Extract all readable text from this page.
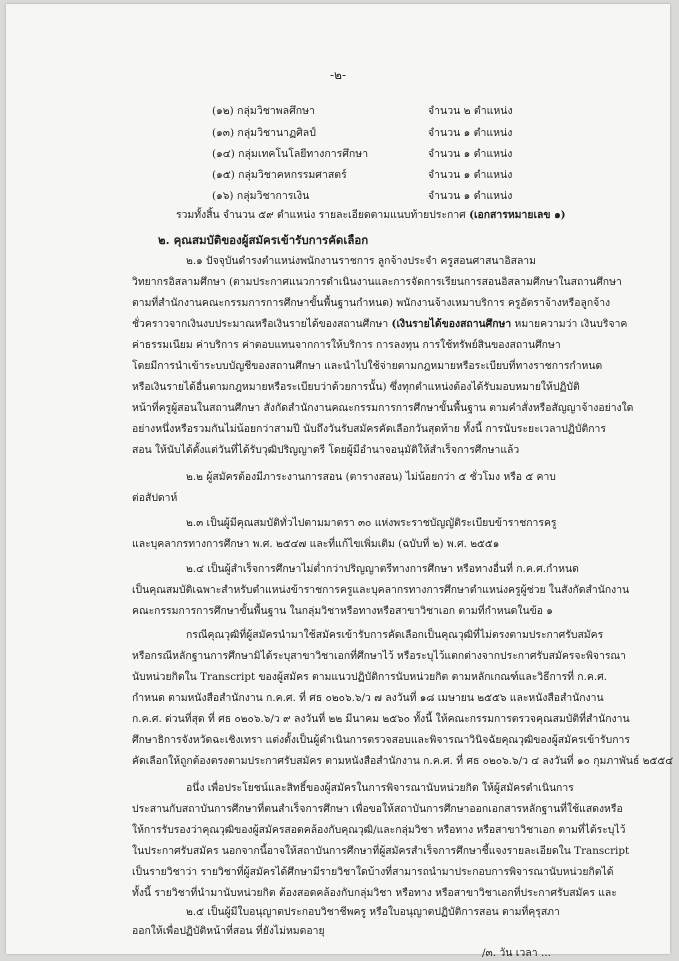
-๒-
(๑๒) กลุ่มวิชาพลศึกษา	จำนวน ๒ ตำแหน่ง
(๑๓) กลุ่มวิชานาฏศิลป์	จำนวน ๑ ตำแหน่ง
(๑๔) กลุ่มเทคโนโลยีทางการศึกษา	จำนวน ๑ ตำแหน่ง
(๑๕) กลุ่มวิชาคหกรรมศาสตร์	จำนวน ๑ ตำแหน่ง
(๑๖) กลุ่มวิชาการเงิน	จำนวน ๑ ตำแหน่ง
รวมทั้งสิ้น จำนวน ๕๙ ตำแหน่ง รายละเอียดตามแนบท้ายประกาศ (เอกสารหมายเลข ๑)
๒. คุณสมบัติของผู้สมัครเข้ารับการคัดเลือก
๒.๑ ปัจจุบันดำรงตำแหน่งพนักงานราชการ ลูกจ้างประจำ ครูสอนศาสนาอิสลาม
วิทยากรอิสลามศึกษา (ตามประกาศแนวการดำเนินงานและการจัดการเรียนการสอนอิสลามศึกษาในสถานศึกษา
ตามที่สำนักงานคณะกรรมการการศึกษาขั้นพื้นฐานกำหนด) พนักงานจ้างเหมาบริการ ครูอัตราจ้างหรือลูกจ้าง
ชั่วคราวจากเงินงบประมาณหรือเงินรายได้ของสถานศึกษา (เงินรายได้ของสถานศึกษา หมายความว่า เงินบริจาค
ค่าธรรมเนียม ค่าบริการ ค่าตอบแทนจากการให้บริการ การลงทุน การใช้ทรัพย์สินของสถานศึกษา
โดยมีการนำเข้าระบบบัญชีของสถานศึกษา และนำไปใช้จ่ายตามกฎหมายหรือระเบียบที่ทางราชการกำหนด
หรือเงินรายได้อื่นตามกฎหมายหรือระเบียบว่าด้วยการนั้น) ซึ่งทุกตำแหน่งต้องได้รับมอบหมายให้ปฏิบัติ
หน้าที่ครูผู้สอนในสถานศึกษา สังกัดสำนักงานคณะกรรมการการศึกษาขั้นพื้นฐาน ตามคำสั่งหรือสัญญาจ้างอย่างใด
อย่างหนึ่งหรือรวมกันไม่น้อยกว่าสามปี นับถึงวันรับสมัครคัดเลือกวันสุดท้าย ทั้งนี้ การนับระยะเวลาปฏิบัติการ
สอน ให้นับได้ตั้งแต่วันที่ได้รับวุฒิปริญญาตรี โดยผู้มีอำนาจอนุมัติให้สำเร็จการศึกษาแล้ว
๒.๒ ผู้สมัครต้องมีภาระงานการสอน (ตารางสอน) ไม่น้อยกว่า ๕ ชั่วโมง หรือ ๕ คาบ
ต่อสัปดาห์
๒.๓ เป็นผู้มีคุณสมบัติทั่วไปตามมาตรา ๓๐ แห่งพระราชบัญญัติระเบียบข้าราชการครู
และบุคลากรทางการศึกษา พ.ศ. ๒๕๔๗ และที่แก้ไขเพิ่มเติม (ฉบับที่ ๒) พ.ศ. ๒๕๕๑
๒.๔ เป็นผู้สำเร็จการศึกษาไม่ต่ำกว่าปริญญาตรีทางการศึกษา หรือทางอื่นที่ ก.ค.ศ.กำหนด
เป็นคุณสมบัติเฉพาะสำหรับตำแหน่งข้าราชการครูและบุคลากรทางการศึกษาตำแหน่งครูผู้ช่วย ในสังกัดสำนักงาน
คณะกรรมการการศึกษาขั้นพื้นฐาน ในกลุ่มวิชาหรือทางหรือสาขาวิชาเอก ตามที่กำหนดในข้อ ๑
กรณีคุณวุฒิที่ผู้สมัครนำมาใช้สมัครเข้ารับการคัดเลือกเป็นคุณวุฒิที่ไม่ตรงตามประกาศรับสมัคร
หรือกรณีหลักฐานการศึกษามิได้ระบุสาขาวิชาเอกที่ศึกษาไว้ หรือระบุไว้แตกต่างจากประกาศรับสมัครจะพิจารณา
นับหน่วยกิตใน Transcript ของผู้สมัคร ตามแนวปฏิบัติการนับหน่วยกิต ตามหลักเกณฑ์และวิธีการที่ ก.ค.ศ.
กำหนด ตามหนังสือสำนักงาน ก.ค.ศ. ที่ ศธ ๐๒๐๖.๖/ว ๗ ลงวันที่ ๑๘ เมษายน ๒๕๕๖ และหนังสือสำนักงาน
ก.ค.ศ. ด่วนที่สุด ที่ ศธ ๐๒๐๖.๖/ว ๙ ลงวันที่ ๒๒ มีนาคม ๒๕๖๐ ทั้งนี้ ให้คณะกรรมการตรวจคุณสมบัติที่สำนักงาน
ศึกษาธิการจังหวัดฉะเชิงเทรา แต่งตั้งเป็นผู้ดำเนินการตรวจสอบและพิจารณาวินิจฉัยคุณวุฒิของผู้สมัครเข้ารับการ
คัดเลือกให้ถูกต้องตรงตามประกาศรับสมัคร ตามหนังสือสำนักงาน ก.ค.ศ. ที่ ศธ ๐๒๐๖.๖/ว ๔ ลงวันที่ ๑๐ กุมภาพันธ์ ๒๕๕๔
อนึ่ง เพื่อประโยชน์และสิทธิ์ของผู้สมัครในการพิจารณานับหน่วยกิต ให้ผู้สมัครดำเนินการ
ประสานกับสถาบันการศึกษาที่ตนสำเร็จการศึกษา เพื่อขอให้สถาบันการศึกษาออกเอกสารหลักฐานที่ใช้แสดงหรือ
ให้การรับรองว่าคุณวุฒิของผู้สมัครสอดคล้องกับคุณวุฒิ/และกลุ่มวิชา หรือทาง หรือสาขาวิชาเอก ตามที่ได้ระบุไว้
ในประกาศรับสมัคร นอกจากนี้อาจให้สถาบันการศึกษาที่ผู้สมัครสำเร็จการศึกษาชี้แจงรายละเอียดใน Transcript
เป็นรายวิชาว่า รายวิชาที่ผู้สมัครได้ศึกษามีรายวิชาใดบ้างที่สามารถนำมาประกอบการพิจารณานับหน่วยกิตได้
ทั้งนี้ รายวิชาที่นำมานับหน่วยกิต ต้องสอดคล้องกับกลุ่มวิชา หรือทาง หรือสาขาวิชาเอกที่ประกาศรับสมัคร และ
๒.๕ เป็นผู้มีใบอนุญาตประกอบวิชาชีพครู หรือใบอนุญาตปฏิบัติการสอน ตามที่คุรุสภา
ออกให้เพื่อปฏิบัติหน้าที่สอน ที่ยังไม่หมดอายุ
/๓. วัน เวลา ...
